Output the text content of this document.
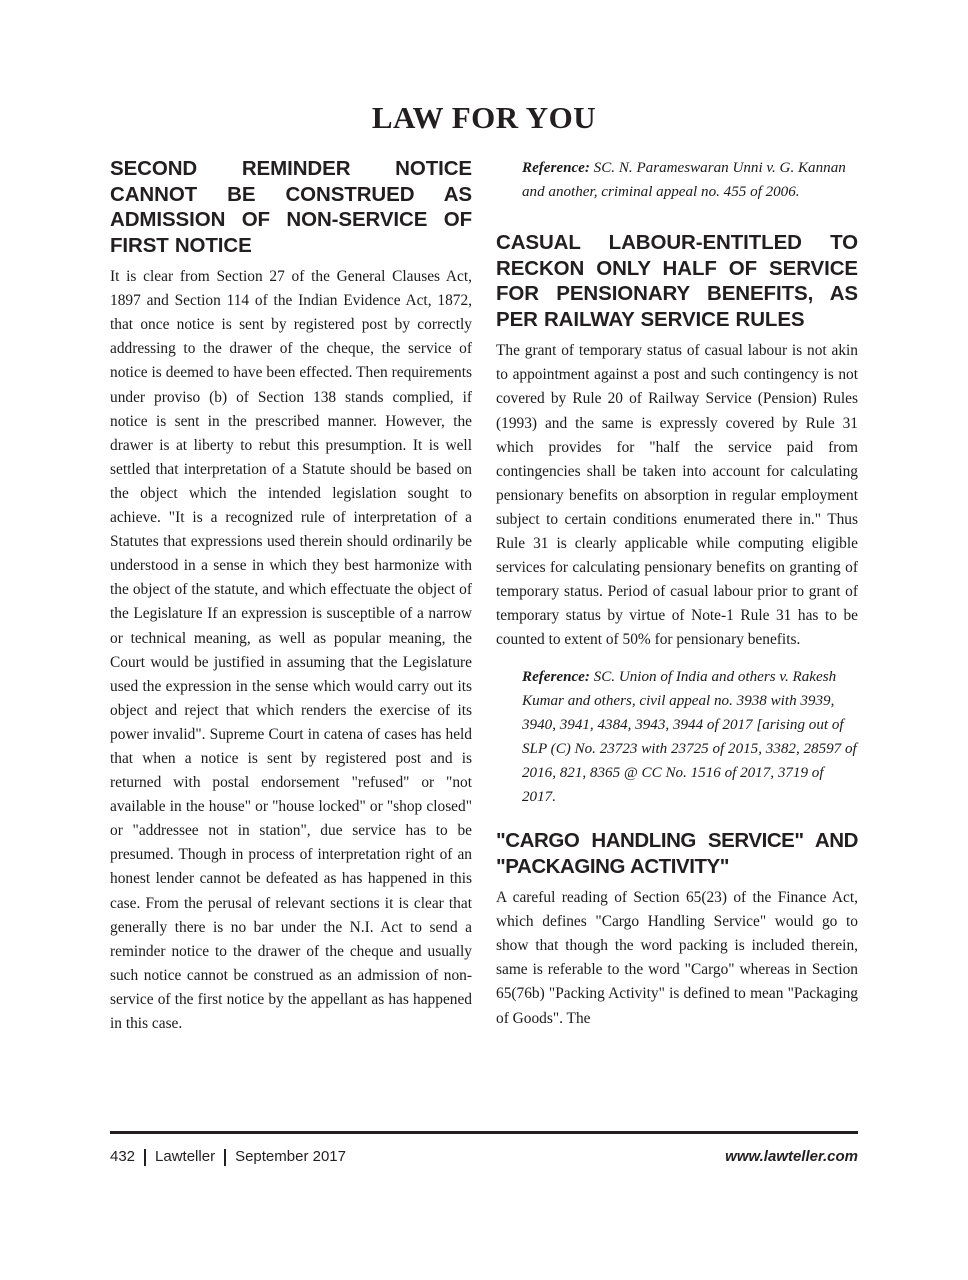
LAW FOR YOU
SECOND REMINDER NOTICE CANNOT BE CONSTRUED AS ADMISSION OF NON-SERVICE OF FIRST NOTICE

It is clear from Section 27 of the General Clauses Act, 1897 and Section 114 of the Indian Evidence Act, 1872, that once notice is sent by registered post by correctly addressing to the drawer of the cheque, the service of notice is deemed to have been effected. Then requirements under proviso (b) of Section 138 stands complied, if notice is sent in the prescribed manner. However, the drawer is at liberty to rebut this presumption. It is well settled that interpretation of a Statute should be based on the object which the intended legislation sought to achieve. "It is a recognized rule of interpretation of a Statutes that expressions used therein should ordinarily be understood in a sense in which they best harmonize with the object of the statute, and which effectuate the object of the Legislature If an expression is susceptible of a narrow or technical meaning, as well as popular meaning, the Court would be justified in assuming that the Legislature used the expression in the sense which would carry out its object and reject that which renders the exercise of its power invalid". Supreme Court in catena of cases has held that when a notice is sent by registered post and is returned with postal endorsement "refused" or "not available in the house" or "house locked" or "shop closed" or "addressee not in station", due service has to be presumed. Though in process of interpretation right of an honest lender cannot be defeated as has happened in this case. From the perusal of relevant sections it is clear that generally there is no bar under the N.I. Act to send a reminder notice to the drawer of the cheque and usually such notice cannot be construed as an admission of non-service of the first notice by the appellant as has happened in this case.

Reference: SC. N. Parameswaran Unni v. G. Kannan and another, criminal appeal no. 455 of 2006.

CASUAL LABOUR-ENTITLED TO RECKON ONLY HALF OF SERVICE FOR PENSIONARY BENEFITS, AS PER RAILWAY SERVICE RULES

The grant of temporary status of casual labour is not akin to appointment against a post and such contingency is not covered by Rule 20 of Railway Service (Pension) Rules (1993) and the same is expressly covered by Rule 31 which provides for "half the service paid from contingencies shall be taken into account for calculating pensionary benefits on absorption in regular employment subject to certain conditions enumerated there in." Thus Rule 31 is clearly applicable while computing eligible services for calculating pensionary benefits on granting of temporary status. Period of casual labour prior to grant of temporary status by virtue of Note-1 Rule 31 has to be counted to extent of 50% for pensionary benefits.

Reference: SC. Union of India and others v. Rakesh Kumar and others, civil appeal no. 3938 with 3939, 3940, 3941, 4384, 3943, 3944 of 2017 [arising out of SLP (C) No. 23723 with 23725 of 2015, 3382, 28597 of 2016, 821, 8365 @ CC No. 1516 of 2017, 3719 of 2017.

"CARGO HANDLING SERVICE" AND "PACKAGING ACTIVITY"

A careful reading of Section 65(23) of the Finance Act, which defines "Cargo Handling Service" would go to show that though the word packing is included therein, same is referable to the word "Cargo" whereas in Section 65(76b) "Packing Activity" is defined to mean "Packaging of Goods". The

432 Lawteller September 2017	www.lawteller.com
